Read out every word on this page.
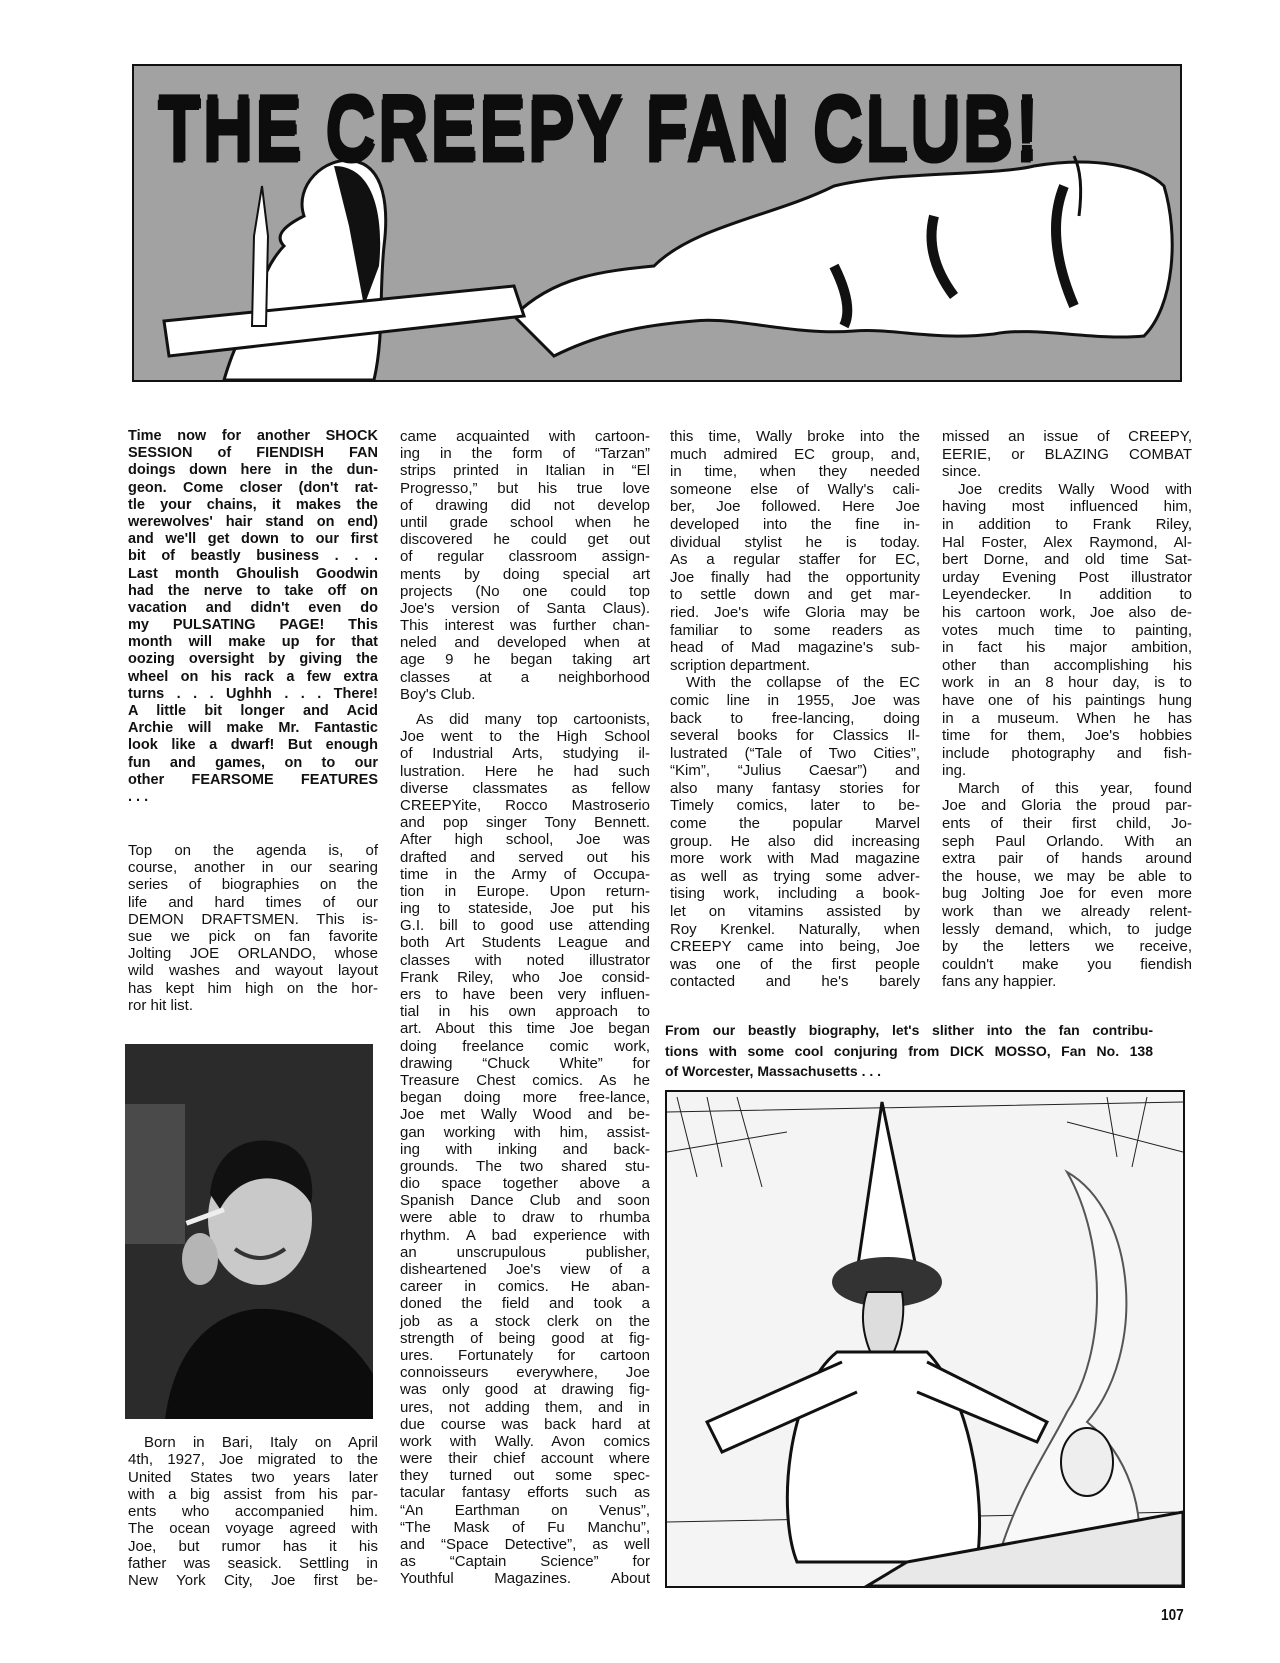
THE CREEPY FAN CLUB!
Time now for another SHOCK
SESSION of FIENDISH FAN
doings down here in the dun-
geon. Come closer (don't rat-
tle your chains, it makes the
werewolves' hair stand on end)
and we'll get down to our first
bit of beastly business . . .
Last month Ghoulish Goodwin
had the nerve to take off on
vacation and didn't even do
my PULSATING PAGE! This
month will make up for that
oozing oversight by giving the
wheel on his rack a few extra
turns . . . Ughhh . . . There!
A little bit longer and Acid
Archie will make Mr. Fantastic
look like a dwarf! But enough
fun and games, on to our
other FEARSOME FEATURES
. . .
Top on the agenda is, of
course, another in our searing
series of biographies on the
life and hard times of our
DEMON DRAFTSMEN. This is-
sue we pick on fan favorite
Jolting JOE ORLANDO, whose
wild washes and wayout layout
has kept him high on the hor-
ror hit list.
Born in Bari, Italy on April
4th, 1927, Joe migrated to the
United States two years later
with a big assist from his par-
ents who accompanied him.
The ocean voyage agreed with
Joe, but rumor has it his
father was seasick. Settling in
New York City, Joe first be-
came acquainted with cartoon-
ing in the form of “Tarzan”
strips printed in Italian in “El
Progresso,” but his true love
of drawing did not develop
until grade school when he
discovered he could get out
of regular classroom assign-
ments by doing special art
projects (No one could top
Joe's version of Santa Claus).
This interest was further chan-
neled and developed when at
age 9 he began taking art
classes at a neighborhood
Boy's Club.
As did many top cartoonists,
Joe went to the High School
of Industrial Arts, studying il-
lustration. Here he had such
diverse classmates as fellow
CREEPYite, Rocco Mastroserio
and pop singer Tony Bennett.
After high school, Joe was
drafted and served out his
time in the Army of Occupa-
tion in Europe. Upon return-
ing to stateside, Joe put his
G.I. bill to good use attending
both Art Students League and
classes with noted illustrator
Frank Riley, who Joe consid-
ers to have been very influen-
tial in his own approach to
art. About this time Joe began
doing freelance comic work,
drawing “Chuck White” for
Treasure Chest comics. As he
began doing more free-lance,
Joe met Wally Wood and be-
gan working with him, assist-
ing with inking and back-
grounds. The two shared stu-
dio space together above a
Spanish Dance Club and soon
were able to draw to rhumba
rhythm. A bad experience with
an unscrupulous publisher,
disheartened Joe's view of a
career in comics. He aban-
doned the field and took a
job as a stock clerk on the
strength of being good at fig-
ures. Fortunately for cartoon
connoisseurs everywhere, Joe
was only good at drawing fig-
ures, not adding them, and in
due course was back hard at
work with Wally. Avon comics
were their chief account where
they turned out some spec-
tacular fantasy efforts such as
“An Earthman on Venus”,
“The Mask of Fu Manchu”,
and “Space Detective”, as well
as “Captain Science” for
Youthful Magazines. About
this time, Wally broke into the
much admired EC group, and,
in time, when they needed
someone else of Wally's cali-
ber, Joe followed. Here Joe
developed into the fine in-
dividual stylist he is today.
As a regular staffer for EC,
Joe finally had the opportunity
to settle down and get mar-
ried. Joe's wife Gloria may be
familiar to some readers as
head of Mad magazine's sub-
scription department.
With the collapse of the EC
comic line in 1955, Joe was
back to free-lancing, doing
several books for Classics Il-
lustrated (“Tale of Two Cities”,
“Kim”, “Julius Caesar”) and
also many fantasy stories for
Timely comics, later to be-
come the popular Marvel
group. He also did increasing
more work with Mad magazine
as well as trying some adver-
tising work, including a book-
let on vitamins assisted by
Roy Krenkel. Naturally, when
CREEPY came into being, Joe
was one of the first people
contacted and he's barely
missed an issue of CREEPY,
EERIE, or BLAZING COMBAT
since.
Joe credits Wally Wood with
having most influenced him,
in addition to Frank Riley,
Hal Foster, Alex Raymond, Al-
bert Dorne, and old time Sat-
urday Evening Post illustrator
Leyendecker. In addition to
his cartoon work, Joe also de-
votes much time to painting,
in fact his major ambition,
other than accomplishing his
work in an 8 hour day, is to
have one of his paintings hung
in a museum. When he has
time for them, Joe's hobbies
include photography and fish-
ing.
March of this year, found
Joe and Gloria the proud par-
ents of their first child, Jo-
seph Paul Orlando. With an
extra pair of hands around
the house, we may be able to
bug Jolting Joe for even more
work than we already relent-
lessly demand, which, to judge
by the letters we receive,
couldn't make you fiendish
fans any happier.
From our beastly biography, let's slither into the fan contribu-
tions with some cool conjuring from DICK MOSSO, Fan No. 138
of Worcester, Massachusetts . . .
107
